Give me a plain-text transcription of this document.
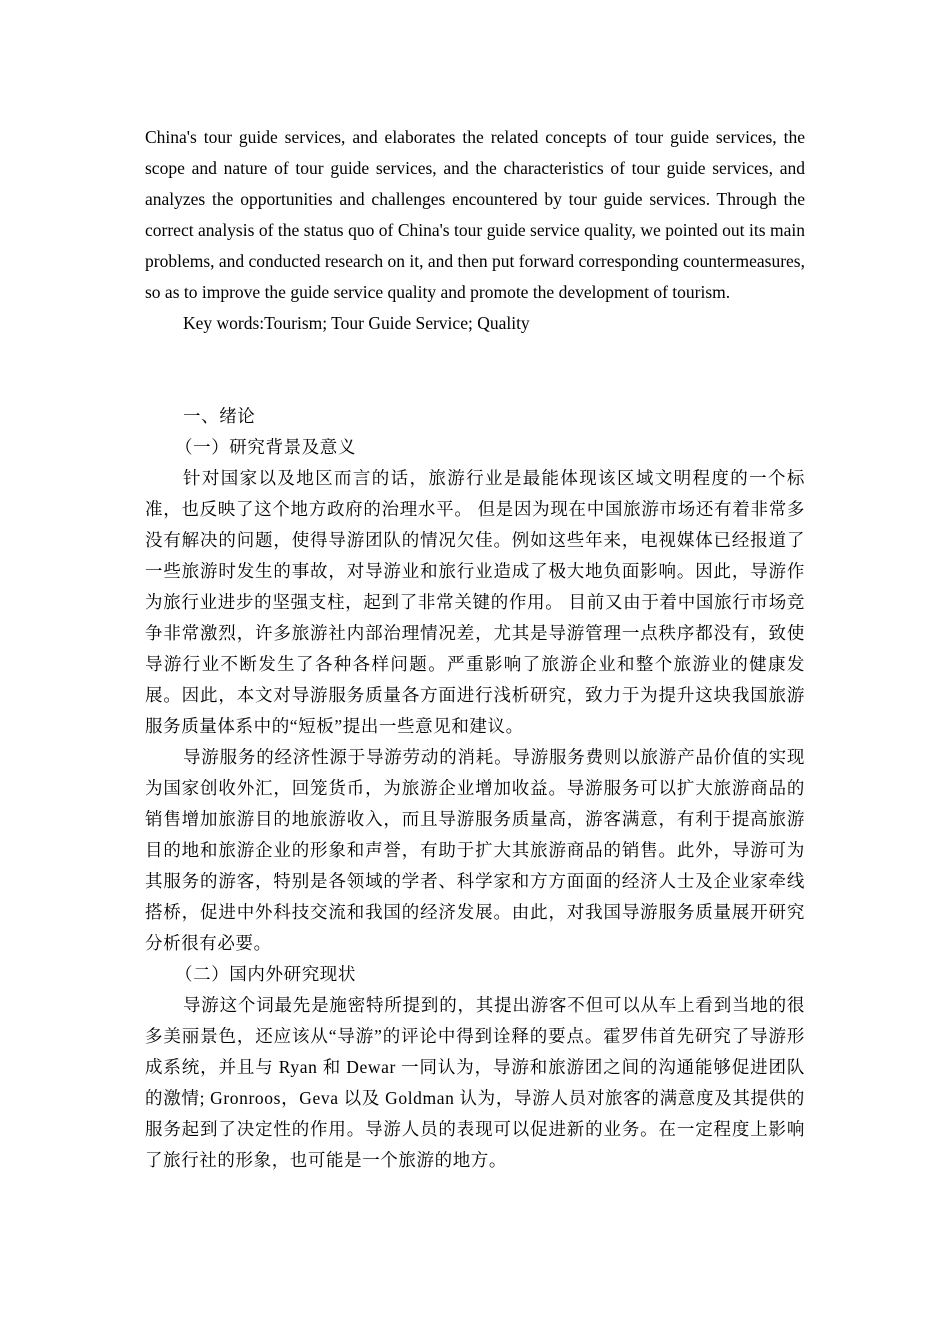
China's tour guide services, and elaborates the related concepts of tour guide services, the scope and nature of tour guide services, and the characteristics of tour guide services, and analyzes the opportunities and challenges encountered by tour guide services. Through the correct analysis of the status quo of China's tour guide service quality, we pointed out its main problems, and conducted research on it, and then put forward corresponding countermeasures, so as to improve the guide service quality and promote the development of tourism.

Key words:Tourism; Tour Guide Service; Quality

一、绪论

（一）研究背景及意义

针对国家以及地区而言的话，旅游行业是最能体现该区域文明程度的一个标准，也反映了这个地方政府的治理水平。 但是因为现在中国旅游市场还有着非常多没有解决的问题，使得导游团队的情况欠佳。例如这些年来，电视媒体已经报道了一些旅游时发生的事故，对导游业和旅行业造成了极大地负面影响。因此，导游作为旅行业进步的坚强支柱，起到了非常关键的作用。 目前又由于着中国旅行市场竞争非常激烈，许多旅游社内部治理情况差，尤其是导游管理一点秩序都没有，致使导游行业不断发生了各种各样问题。严重影响了旅游企业和整个旅游业的健康发展。因此，本文对导游服务质量各方面进行浅析研究，致力于为提升这块我国旅游服务质量体系中的“短板”提出一些意见和建议。

导游服务的经济性源于导游劳动的消耗。导游服务费则以旅游产品价值的实现为国家创收外汇，回笼货币，为旅游企业增加收益。导游服务可以扩大旅游商品的销售增加旅游目的地旅游收入，而且导游服务质量高，游客满意，有利于提高旅游目的地和旅游企业的形象和声誉，有助于扩大其旅游商品的销售。此外，导游可为其服务的游客，特别是各领域的学者、科学家和方方面面的经济人士及企业家牵线搭桥，促进中外科技交流和我国的经济发展。由此，对我国导游服务质量展开研究分析很有必要。

（二）国内外研究现状

导游这个词最先是施密特所提到的，其提出游客不但可以从车上看到当地的很多美丽景色，还应该从“导游”的评论中得到诠释的要点。霍罗伟首先研究了导游形成系统，并且与 Ryan 和 Dewar 一同认为，导游和旅游团之间的沟通能够促进团队的激情; Gronroos，Geva 以及 Goldman 认为，导游人员对旅客的满意度及其提供的服务起到了决定性的作用。导游人员的表现可以促进新的业务。在一定程度上影响了旅行社的形象，也可能是一个旅游的地方。
